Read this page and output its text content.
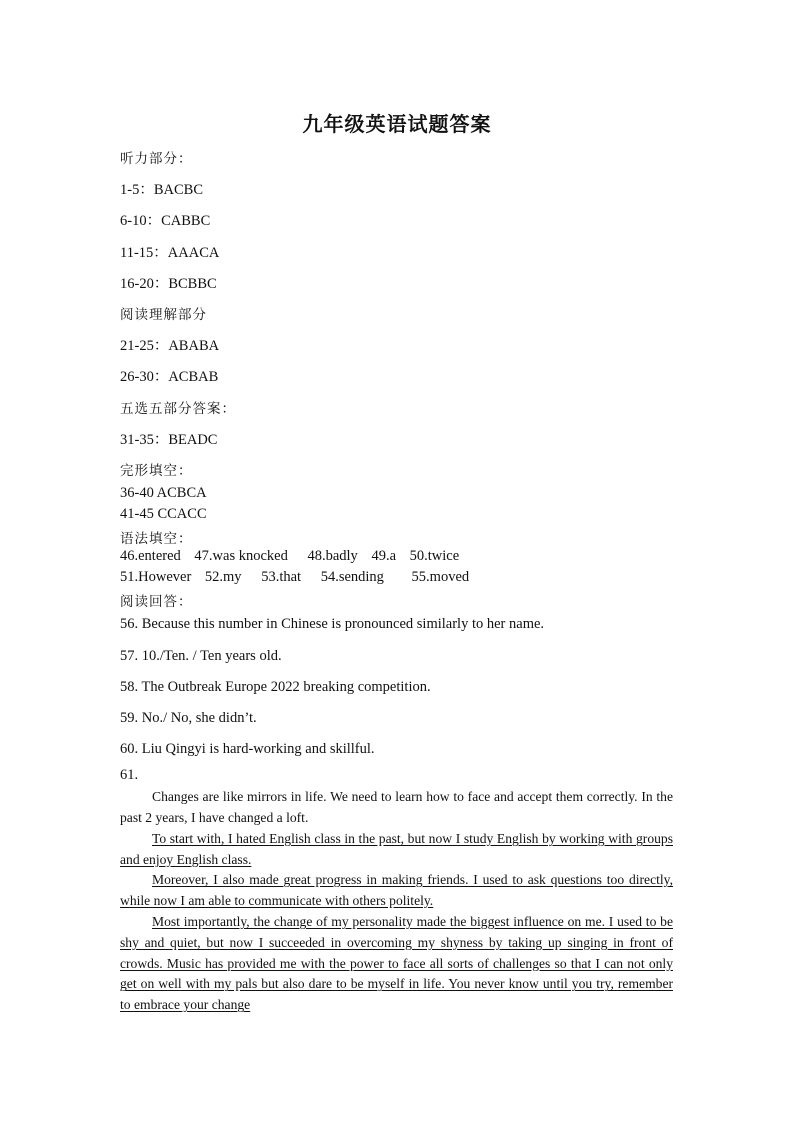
九年级英语试题答案
听力部分：
1-5：BACBC
6-10：CABBC
11-15：AAACA
16-20：BCBBC
阅读理解部分
21-25：ABABA
26-30：ACBAB
五选五部分答案：
31-35：BEADC
完形填空：
36-40 ACBCA
41-45 CCACC
语法填空：
46.entered 47.was knocked 48.badly 49.a 50.twice
51.However 52.my 53.that 54.sending 55.moved
阅读回答：
56. Because this number in Chinese is pronounced similarly to her name.
57. 10./Ten. / Ten years old.
58. The Outbreak Europe 2022 breaking competition.
59. No./ No, she didn’t.
60. Liu Qingyi is hard-working and skillful.
61.
Changes are like mirrors in life. We need to learn how to face and accept them correctly. In the past 2 years, I have changed a loft.
To start with, I hated English class in the past, but now I study English by working with groups and enjoy English class.
Moreover, I also made great progress in making friends. I used to ask questions too directly, while now I am able to communicate with others politely.
Most importantly, the change of my personality made the biggest influence on me. I used to be shy and quiet, but now I succeeded in overcoming my shyness by taking up singing in front of crowds. Music has provided me with the power to face all sorts of challenges so that I can not only get on well with my pals but also dare to be myself in life. You never know until you try, remember to embrace your change
